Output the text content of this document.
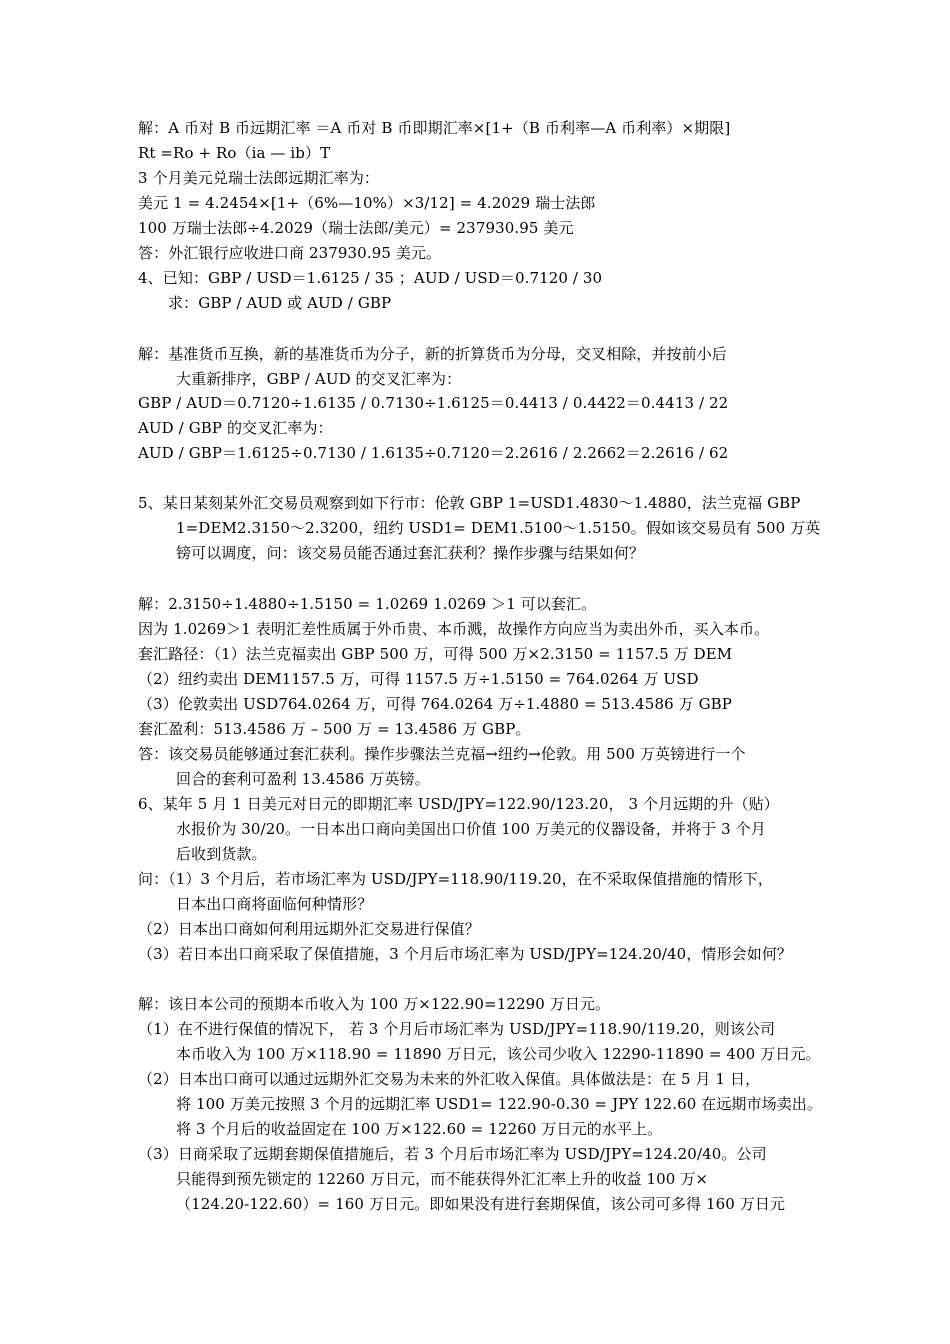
解：A 币对 B 币远期汇率 ＝A 币对 B 币即期汇率×[1+（B 币利率—A 币利率）×期限]
Rt =Ro + Ro（ia — ib）T
3 个月美元兑瑞士法郎远期汇率为：
美元 1 = 4.2454×[1+（6%—10%）×3/12] = 4.2029 瑞士法郎
100 万瑞士法郎÷4.2029（瑞士法郎/美元）= 237930.95 美元
答：外汇银行应收进口商 237930.95 美元。
4、已知：GBP / USD＝1.6125 / 35 ；AUD / USD＝0.7120 / 30
求：GBP / AUD 或 AUD / GBP
解：基准货币互换，新的基准货币为分子，新的折算货币为分母，交叉相除，并按前小后
大重新排序，GBP / AUD 的交叉汇率为：
GBP / AUD＝0.7120÷1.6135 / 0.7130÷1.6125＝0.4413 / 0.4422＝0.4413 / 22
AUD / GBP 的交叉汇率为：
AUD / GBP＝1.6125÷0.7130 / 1.6135÷0.7120＝2.2616 / 2.2662＝2.2616 / 62
5、某日某刻某外汇交易员观察到如下行市：伦敦 GBP 1=USD1.4830～1.4880，法兰克福 GBP
1=DEM2.3150～2.3200，纽约 USD1= DEM1.5100～1.5150。假如该交易员有 500 万英
镑可以调度，问：该交易员能否通过套汇获利？操作步骤与结果如何？
解：2.3150÷1.4880÷1.5150 = 1.0269 1.0269 ＞1 可以套汇。
因为 1.0269＞1 表明汇差性质属于外币贵、本币溅，故操作方向应当为卖出外币，买入本币。
套汇路径：（1）法兰克福卖出 GBP 500 万，可得 500 万×2.3150 = 1157.5 万 DEM
（2）纽约卖出 DEM1157.5 万，可得 1157.5 万÷1.5150 = 764.0264 万 USD
（3）伦敦卖出 USD764.0264 万，可得 764.0264 万÷1.4880 = 513.4586 万 GBP
套汇盈利：513.4586 万 – 500 万 = 13.4586 万 GBP。
答：该交易员能够通过套汇获利。操作步骤法兰克福→纽约→伦敦。用 500 万英镑进行一个
回合的套利可盈利 13.4586 万英镑。
6、某年 5 月 1 日美元对日元的即期汇率 USD/JPY=122.90/123.20， 3 个月远期的升（贴）
水报价为 30/20。一日本出口商向美国出口价值 100 万美元的仪器设备，并将于 3 个月
后收到货款。
问：（1）3 个月后，若市场汇率为 USD/JPY=118.90/119.20，在不采取保值措施的情形下，
日本出口商将面临何种情形？
（2）日本出口商如何利用远期外汇交易进行保值？
（3）若日本出口商采取了保值措施，3 个月后市场汇率为 USD/JPY=124.20/40，情形会如何？
解：该日本公司的预期本币收入为 100 万×122.90=12290 万日元。
（1）在不进行保值的情况下， 若 3 个月后市场汇率为 USD/JPY=118.90/119.20，则该公司
本币收入为 100 万×118.90 = 11890 万日元，该公司少收入 12290-11890 = 400 万日元。
（2）日本出口商可以通过远期外汇交易为未来的外汇收入保值。具体做法是：在 5 月 1 日，
将 100 万美元按照 3 个月的远期汇率 USD1= 122.90-0.30 = JPY 122.60 在远期市场卖出。
将 3 个月后的收益固定在 100 万×122.60 = 12260 万日元的水平上。
（3）日商采取了远期套期保值措施后，若 3 个月后市场汇率为 USD/JPY=124.20/40。公司
只能得到预先锁定的 12260 万日元，而不能获得外汇汇率上升的收益 100 万×
（124.20-122.60）= 160 万日元。即如果没有进行套期保值，该公司可多得 160 万日元
